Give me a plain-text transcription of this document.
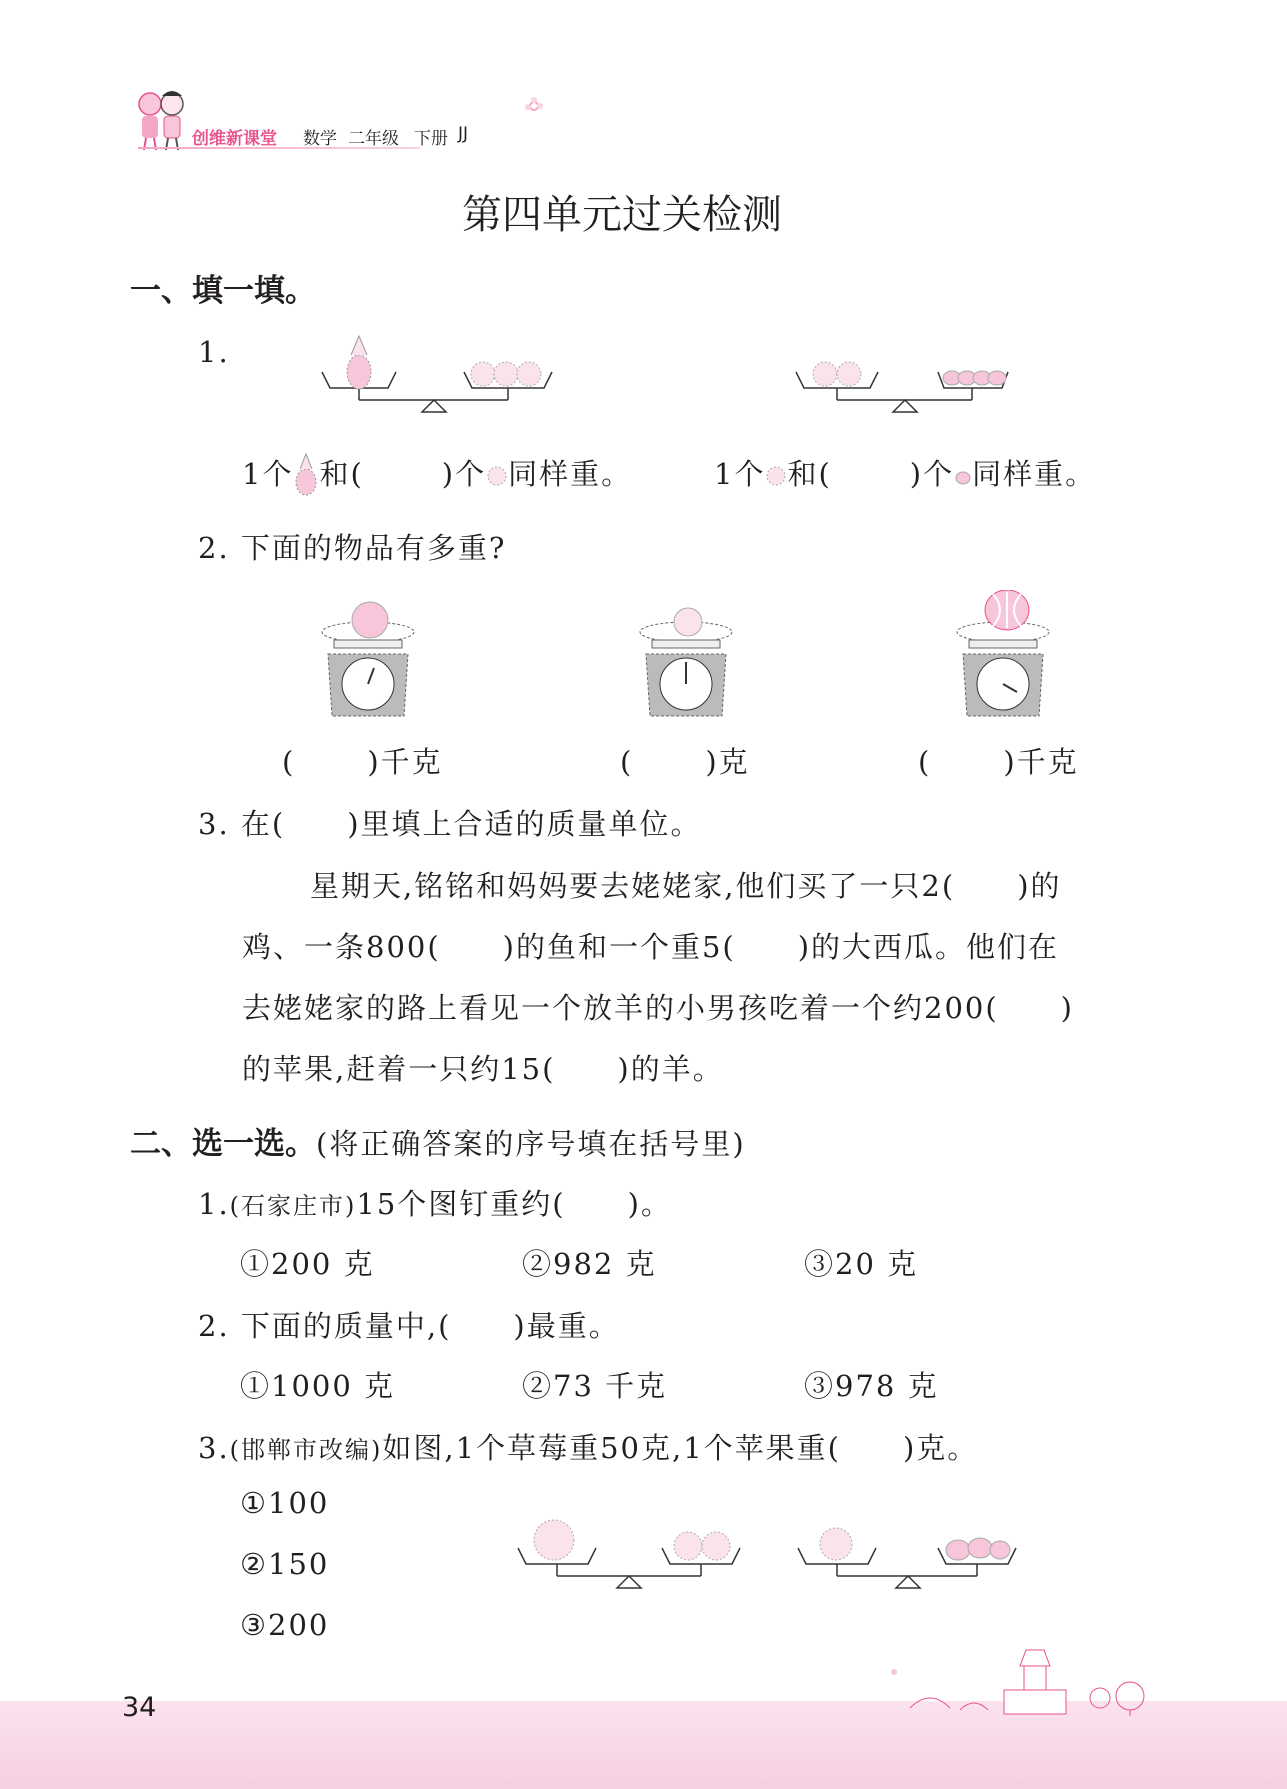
创维新课堂 数学 二年级 下册 JJ
第四单元过关检测
一、填一填。
1.
1个 和(	)个 同样重。	1个 和(	)个 同样重。
2. 下面的物品有多重?
( )千克	( )克	( )千克
3. 在(　　)里填上合适的质量单位。
星期天,铭铭和妈妈要去姥姥家,他们买了一只2(　　)的
鸡、一条800(　　)的鱼和一个重5(　　)的大西瓜。他们在
去姥姥家的路上看见一个放羊的小男孩吃着一个约200(　　)
的苹果,赶着一只约15(　　)的羊。
二、选一选。(将正确答案的序号填在括号里)
1.(石家庄市)15个图钉重约(　　)。
①200 克	②982 克	③20 克
2. 下面的质量中,(　　)最重。
①1000 克	②73 千克	③978 克
3.(邯郸市改编)如图,1个草莓重50克,1个苹果重(　　)克。
①100
②150
③200
34
